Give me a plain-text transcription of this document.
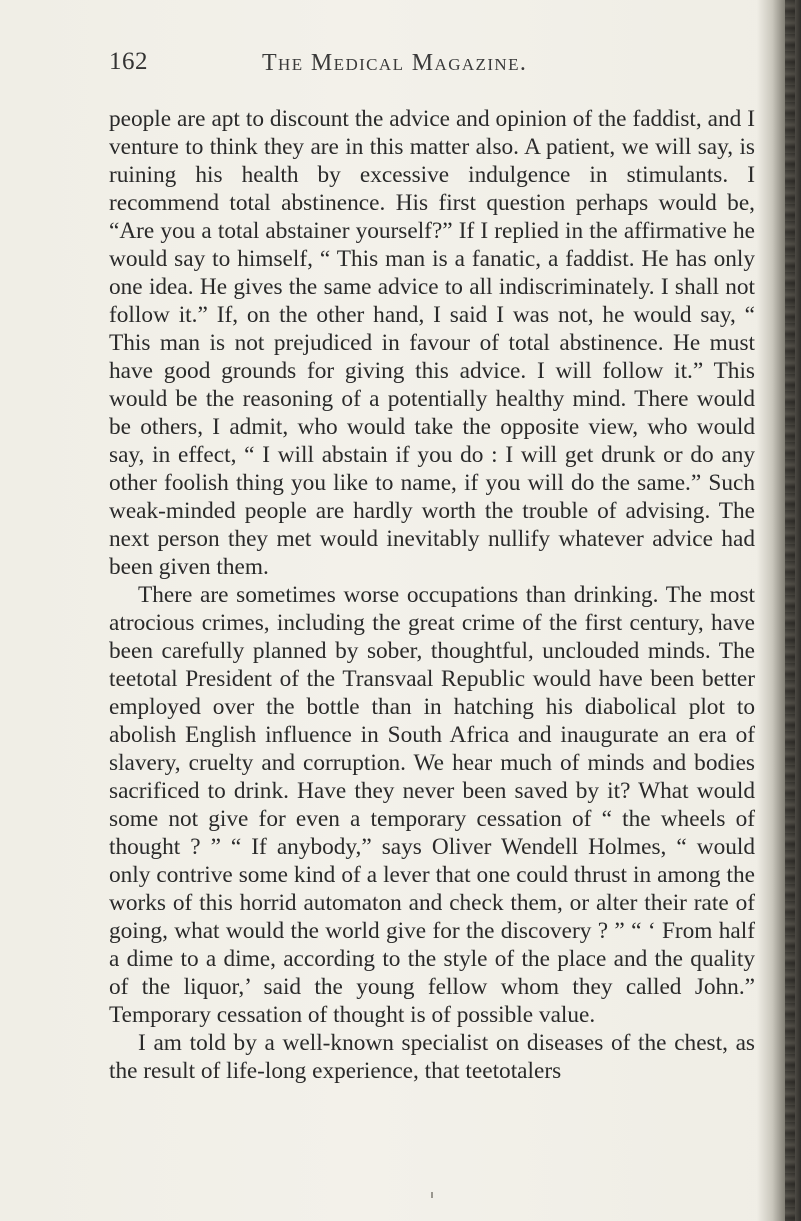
162	The Medical Magazine.

people are apt to discount the advice and opinion of the faddist, and I venture to think they are in this matter also. A patient, we will say, is ruining his health by excessive indulgence in stimulants. I recommend total abstinence. His first question perhaps would be, “Are you a total abstainer yourself?” If I replied in the affirmative he would say to himself, “ This man is a fanatic, a faddist. He has only one idea. He gives the same advice to all indiscriminately. I shall not follow it.” If, on the other hand, I said I was not, he would say, “ This man is not prejudiced in favour of total abstinence. He must have good grounds for giving this advice. I will follow it.” This would be the reasoning of a potentially healthy mind. There would be others, I admit, who would take the opposite view, who would say, in effect, “ I will abstain if you do : I will get drunk or do any other foolish thing you like to name, if you will do the same.” Such weak-minded people are hardly worth the trouble of advising. The next person they met would inevitably nullify whatever advice had been given them.

There are sometimes worse occupations than drinking. The most atrocious crimes, including the great crime of the first century, have been carefully planned by sober, thoughtful, unclouded minds. The teetotal President of the Transvaal Republic would have been better employed over the bottle than in hatching his diabolical plot to abolish English influence in South Africa and inaugurate an era of slavery, cruelty and corruption. We hear much of minds and bodies sacrificed to drink. Have they never been saved by it? What would some not give for even a temporary cessation of “ the wheels of thought ? ” “ If anybody,” says Oliver Wendell Holmes, “ would only contrive some kind of a lever that one could thrust in among the works of this horrid automaton and check them, or alter their rate of going, what would the world give for the discovery ? ” “ ‘ From half a dime to a dime, according to the style of the place and the quality of the liquor,’ said the young fellow whom they called John.” Temporary cessation of thought is of possible value.

I am told by a well-known specialist on diseases of the chest, as the result of life-long experience, that teetotalers
